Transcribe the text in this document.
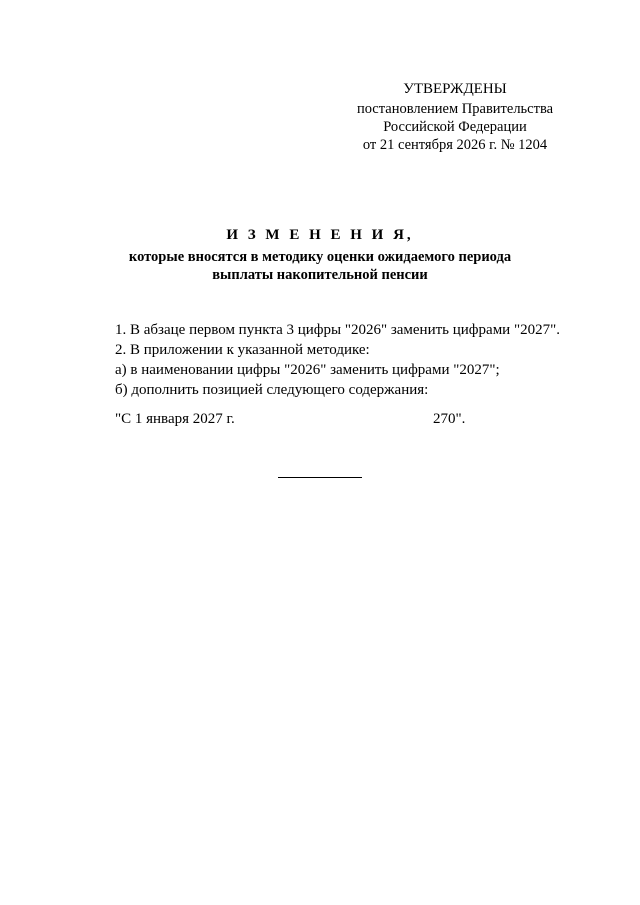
УТВЕРЖДЕНЫ
постановлением Правительства
Российской Федерации
от 21 сентября 2026 г. № 1204
И З М Е Н Е Н И Я,
которые вносятся в методику оценки ожидаемого периода
выплаты накопительной пенсии
1. В абзаце первом пункта 3 цифры "2026" заменить цифрами "2027".
2. В приложении к указанной методике:
а) в наименовании цифры "2026" заменить цифрами "2027";
б) дополнить позицией следующего содержания:
"С 1 января 2027 г.	270".
